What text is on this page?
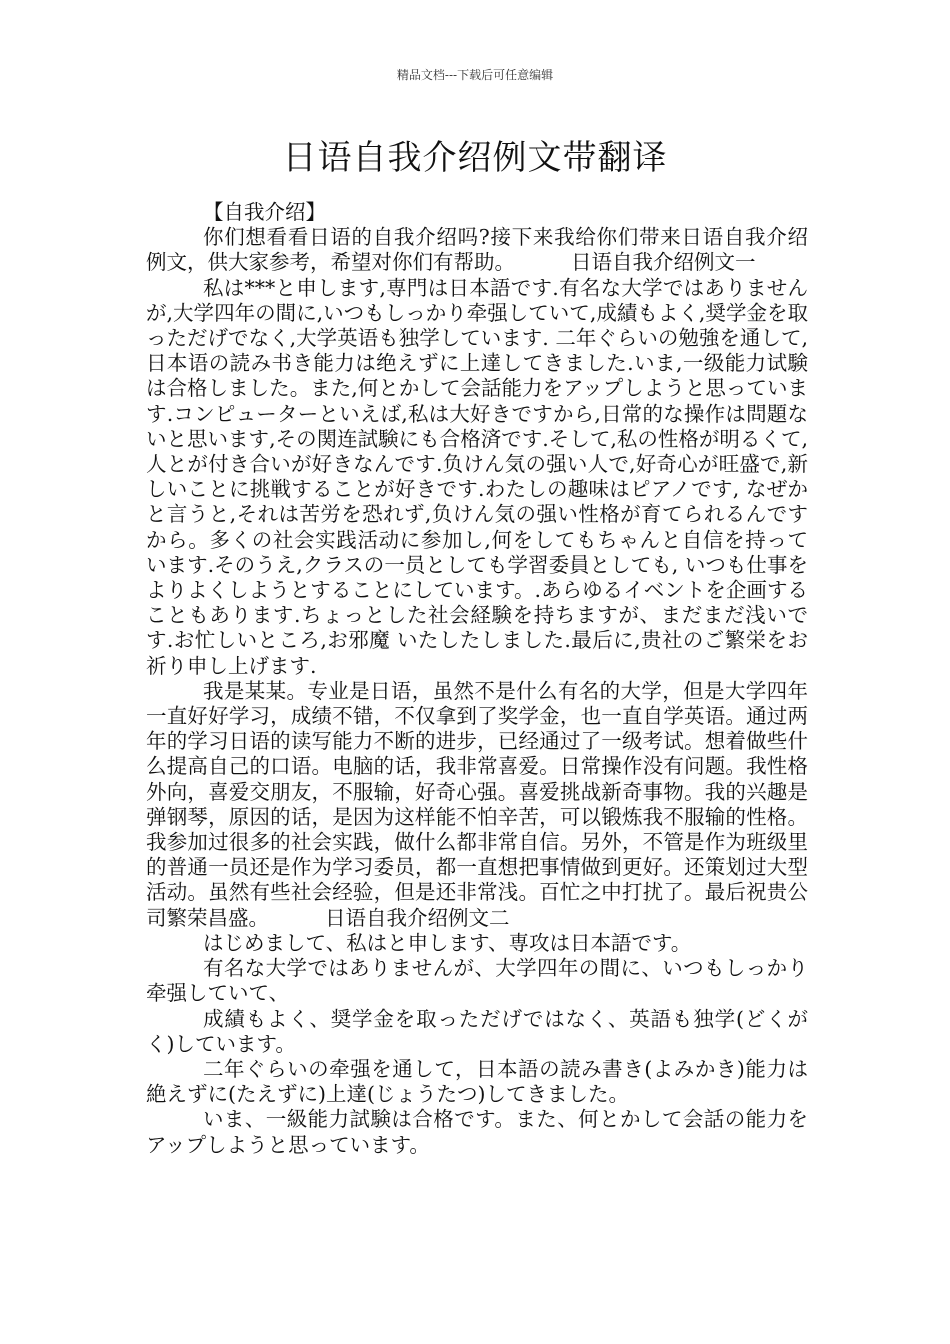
精品文档---下载后可任意编辑
日语自我介绍例文带翻译

【自我介绍】

你们想看看日语的自我介绍吗?接下来我给你们带来日语自我介绍例文，供大家参考，希望对你们有帮助。	日语自我介绍例文一

私は***と申します,専門は日本語です.有名な大学ではありませんが,大学四年の間に,いつもしっかり牵强していて,成績もよく,奨学金を取っただげでなく,大学英语も独学しています. 二年ぐらいの勉強を通して, 日本语の読み书き能力は绝えずに上達してきました.いま,一级能力试験は合格しました。また,何とかして会話能力をアップしようと思っています.コンピューターといえば,私は大好きですから,日常的な操作は問題ないと思います,その関连試験にも合格済です.そして,私の性格が明るくて,人とが付き合いが好きなんです.负けん気の强い人で,好奇心が旺盛で,新しいことに挑戦することが好きです.わたしの趣味はピアノです, なぜかと言うと,それは苦労を恐れず,负けん気の强い性格が育てられるんですから。多くの社会实践活动に参加し,何をしてもちゃんと自信を持っています.そのうえ,クラスの一员としても学習委員としても, いつも仕事をよりよくしようとすることにしています。.あらゆるイベントを企画することもあります.ちょっとした社会経験を持ちますが、まだまだ浅いです.お忙しいところ,お邪魔 いたしたしました.最后に,贵社のご繁栄をお祈り申し上げます.

我是某某。专业是日语，虽然不是什么有名的大学，但是大学四年一直好好学习，成绩不错，不仅拿到了奖学金，也一直自学英语。通过两年的学习日语的读写能力不断的进步，已经通过了一级考试。想着做些什么提高自己的口语。电脑的话，我非常喜爱。日常操作没有问题。我性格外向，喜爱交朋友，不服输，好奇心强。喜爱挑战新奇事物。我的兴趣是弹钢琴，原因的话，是因为这样能不怕辛苦，可以锻炼我不服输的性格。我参加过很多的社会实践，做什么都非常自信。另外，不管是作为班级里的普通一员还是作为学习委员，都一直想把事情做到更好。还策划过大型活动。虽然有些社会经验，但是还非常浅。百忙之中打扰了。最后祝贵公司繁荣昌盛。	日语自我介绍例文二

はじめまして、私はと申します、専攻は日本語です。

有名な大学ではありませんが、大学四年の間に、いつもしっかり牵强していて、

成績もよく、奨学金を取っただげではなく、英語も独学(どくがく)しています。

二年ぐらいの牵强を通して，日本語の読み書き(よみかき)能力は絶えずに(たえずに)上達(じょうたつ)してきました。

いま、一級能力試験は合格です。また、何とかして会話の能力をアップしようと思っています。
